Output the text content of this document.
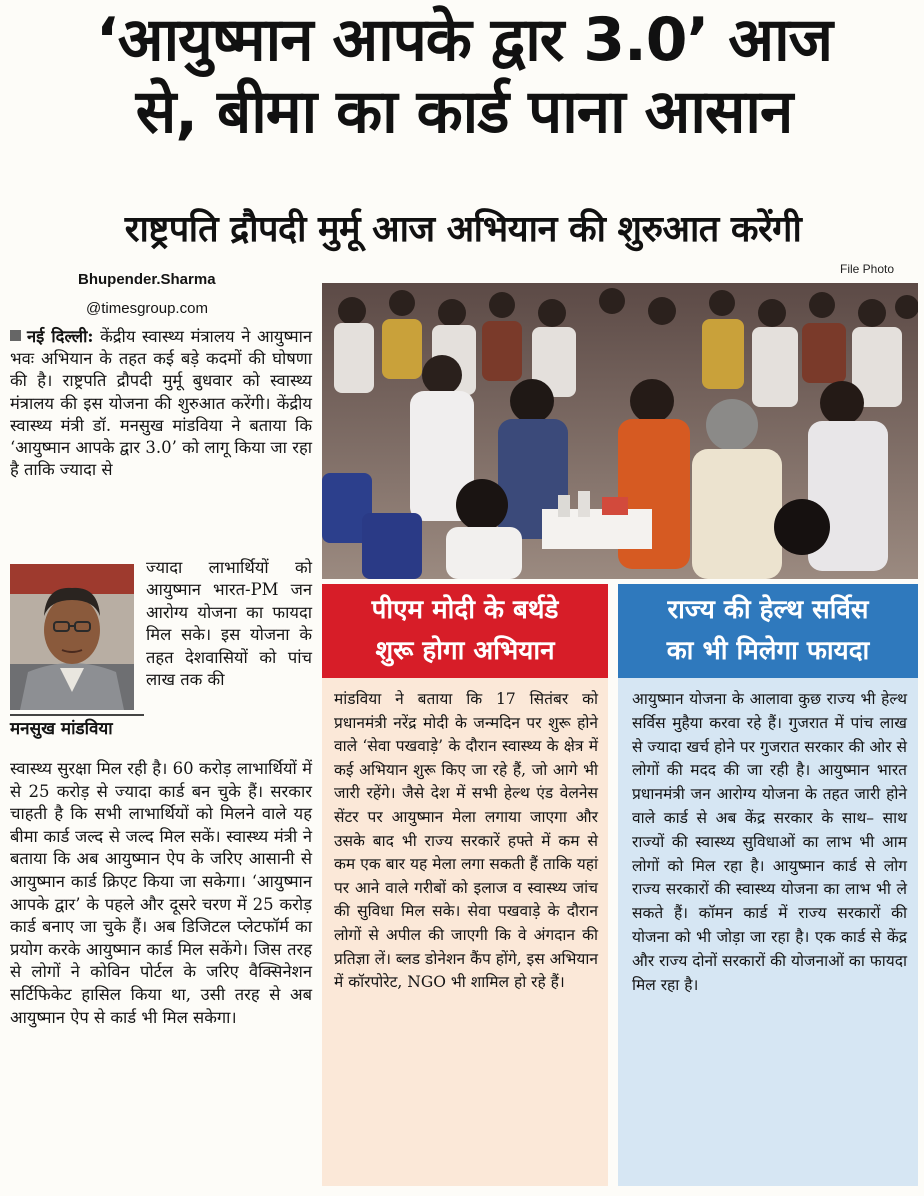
‘आयुष्मान आपके द्वार 3.0’ आज
से, बीमा का कार्ड पाना आसान
राष्ट्रपति द्रौपदी मुर्मू आज अभियान की शुरुआत करेंगी
File Photo
Bhupender.Sharma
@timesgroup.com
नई दिल्ली: केंद्रीय स्वास्थ्य मंत्रालय ने आयुष्मान भवः अभियान के तहत कई बड़े कदमों की घोषणा की है। राष्ट्रपति द्रौपदी मुर्मू बुधवार को स्वास्थ्य मंत्रालय की इस योजना की शुरुआत करेंगी। केंद्रीय स्वास्थ्य मंत्री डॉ. मनसुख मांडविया ने बताया कि ‘आयुष्मान आपके द्वार 3.0’ को लागू किया जा रहा है ताकि ज्यादा से
मनसुख मांडविया
ज्यादा लाभार्थियों को आयुष्मान भारत-PM जन आरोग्य योजना का फायदा मिल सके। इस योजना के तहत देशवासियों को पांच लाख तक की
स्वास्थ्य सुरक्षा मिल रही है। 60 करोड़ लाभार्थियों में से 25 करोड़ से ज्यादा कार्ड बन चुके हैं। सरकार चाहती है कि सभी लाभार्थियों को मिलने वाले यह बीमा कार्ड जल्द से जल्द मिल सकें। स्वास्थ्य मंत्री ने बताया कि अब आयुष्मान ऐप के जरिए आसानी से आयुष्मान कार्ड क्रिएट किया जा सकेगा। ‘आयुष्मान आपके द्वार’ के पहले और दूसरे चरण में 25 करोड़ कार्ड बनाए जा चुके हैं। अब डिजिटल प्लेटफॉर्म का प्रयोग करके आयुष्मान कार्ड मिल सकेंगे। जिस तरह से लोगों ने कोविन पोर्टल के जरिए वैक्सिनेशन सर्टिफिकेट हासिल किया था, उसी तरह से अब आयुष्मान ऐप से कार्ड भी मिल सकेगा।
पीएम मोदी के बर्थडे
शुरू होगा अभियान
मांडविया ने बताया कि 17 सितंबर को प्रधानमंत्री नरेंद्र मोदी के जन्मदिन पर शुरू होने वाले ‘सेवा पखवाड़े’ के दौरान स्वास्थ्य के क्षेत्र में कई अभियान शुरू किए जा रहे हैं, जो आगे भी जारी रहेंगे। जैसे देश में सभी हेल्थ एंड वेलनेस सेंटर पर आयुष्मान मेला लगाया जाएगा और उसके बाद भी राज्य सरकारें हफ्ते में कम से कम एक बार यह मेला लगा सकती हैं ताकि यहां पर आने वाले गरीबों को इलाज व स्वास्थ्य जांच की सुविधा मिल सके। सेवा पखवाड़े के दौरान लोगों से अपील की जाएगी कि वे अंगदान की प्रतिज्ञा लें। ब्लड डोनेशन कैंप होंगे, इस अभियान में कॉरपोरेट, NGO भी शामिल हो रहे हैं।
राज्य की हेल्थ सर्विस
का भी मिलेगा फायदा
आयुष्मान योजना के आलावा कुछ राज्य भी हेल्थ सर्विस मुहैया करवा रहे हैं। गुजरात में पांच लाख से ज्यादा खर्च होने पर गुजरात सरकार की ओर से लोगों की मदद की जा रही है। आयुष्मान भारत प्रधानमंत्री जन आरोग्य योजना के तहत जारी होने वाले कार्ड से अब केंद्र सरकार के साथ– साथ राज्यों की स्वास्थ्य सुविधाओं का लाभ भी आम लोगों को मिल रहा है। आयुष्मान कार्ड से लोग राज्य सरकारों की स्वास्थ्य योजना का लाभ भी ले सकते हैं। कॉमन कार्ड में राज्य सरकारों की योजना को भी जोड़ा जा रहा है। एक कार्ड से केंद्र और राज्य दोनों सरकारों की योजनाओं का फायदा मिल रहा है।
